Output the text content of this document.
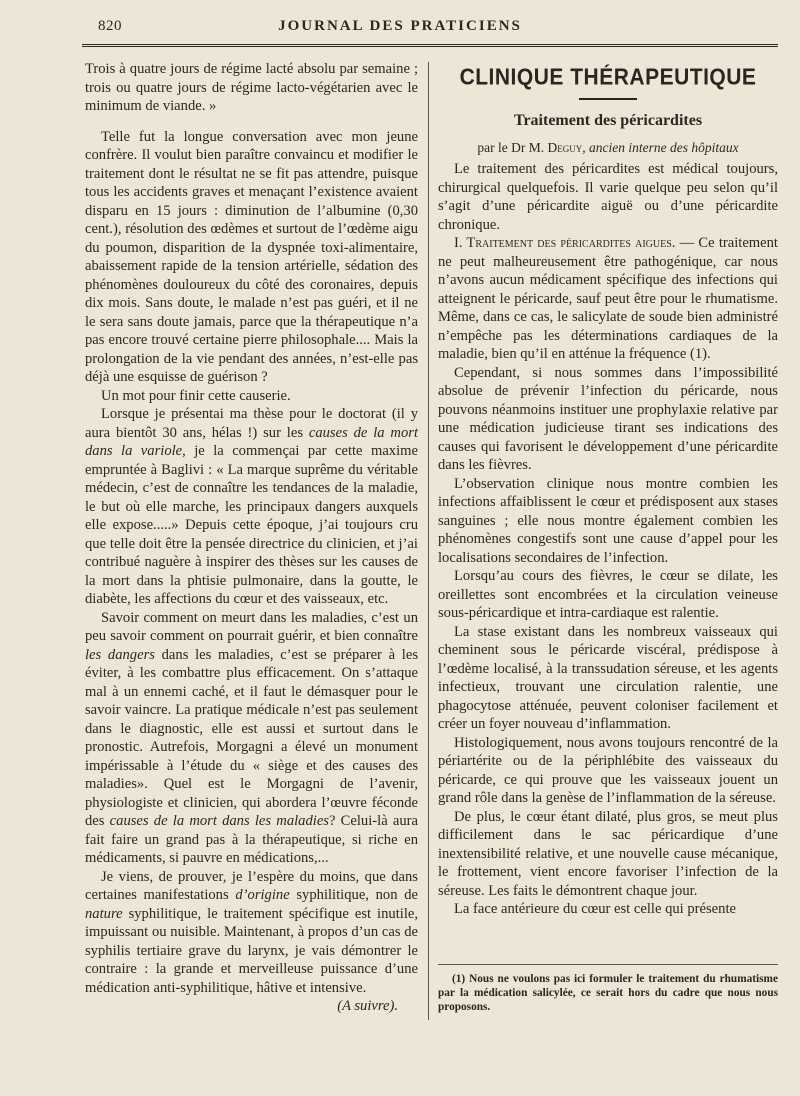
820	JOURNAL DES PRATICIENS

Trois à quatre jours de régime lacté absolu par semaine ; trois ou quatre jours de régime lacto-végétarien avec le minimum de viande. »

Telle fut la longue conversation avec mon jeune confrère. Il voulut bien paraître convaincu et modifier le traitement dont le résultat ne se fit pas attendre, puisque tous les accidents graves et menaçant l’existence avaient disparu en 15 jours : diminution de l’albumine (0,30 cent.), résolution des œdèmes et surtout de l’œdème aigu du poumon, disparition de la dyspnée toxi-alimentaire, abaissement rapide de la tension artérielle, sédation des phénomènes douloureux du côté des coronaires, depuis dix mois. Sans doute, le malade n’est pas guéri, et il ne le sera sans doute jamais, parce que la thérapeutique n’a pas encore trouvé certaine pierre philosophale.... Mais la prolongation de la vie pendant des années, n’est-elle pas déjà une esquisse de guérison ?

Un mot pour finir cette causerie.

Lorsque je présentai ma thèse pour le doctorat (il y aura bientôt 30 ans, hélas !) sur les causes de la mort dans la variole, je la commençai par cette maxime empruntée à Baglivi : « La marque suprême du véritable médecin, c’est de connaître les tendances de la maladie, le but où elle marche, les principaux dangers auxquels elle expose.....» Depuis cette époque, j’ai toujours cru que telle doit être la pensée directrice du clinicien, et j’ai contribué naguère à inspirer des thèses sur les causes de la mort dans la phtisie pulmonaire, dans la goutte, le diabète, les affections du cœur et des vaisseaux, etc.

Savoir comment on meurt dans les maladies, c’est un peu savoir comment on pourrait guérir, et bien connaître les dangers dans les maladies, c’est se préparer à les éviter, à les combattre plus efficacement. On s’attaque mal à un ennemi caché, et il faut le démasquer pour le savoir vaincre. La pratique médicale n’est pas seulement dans le diagnostic, elle est aussi et surtout dans le pronostic. Autrefois, Morgagni a élevé un monument impérissable à l’étude du « siège et des causes des maladies». Quel est le Morgagni de l’avenir, physiologiste et clinicien, qui abordera l’œuvre féconde des causes de la mort dans les maladies? Celui-là aura fait faire un grand pas à la thérapeutique, si riche en médicaments, si pauvre en médications,...

Je viens, de prouver, je l’espère du moins, que dans certaines manifestations d’origine syphilitique, non de nature syphilitique, le traitement spécifique est inutile, impuissant ou nuisible. Maintenant, à propos d’un cas de syphilis tertiaire grave du larynx, je vais démontrer le contraire : la grande et merveilleuse puissance d’une médication anti-syphilitique, hâtive et intensive.

(A suivre).

CLINIQUE THÉRAPEUTIQUE
Traitement des péricardites
par le Dr M. Deguy, ancien interne des hôpitaux

Le traitement des péricardites est médical toujours, chirurgical quelquefois. Il varie quelque peu selon qu’il s’agit d’une péricardite aiguë ou d’une péricardite chronique.

I. Traitement des péricardites aigues. — Ce traitement ne peut malheureusement être pathogénique, car nous n’avons aucun médicament spécifique des infections qui atteignent le péricarde, sauf peut être pour le rhumatisme. Même, dans ce cas, le salicylate de soude bien administré n’empêche pas les déterminations cardiaques de la maladie, bien qu’il en atténue la fréquence (1).

Cependant, si nous sommes dans l’impossibilité absolue de prévenir l’infection du péricarde, nous pouvons néanmoins instituer une prophylaxie relative par une médication judicieuse tirant ses indications des causes qui favorisent le développement d’une péricardite dans les fièvres.

L’observation clinique nous montre combien les infections affaiblissent le cœur et prédisposent aux stases sanguines ; elle nous montre également combien les phénomènes congestifs sont une cause d’appel pour les localisations secondaires de l’infection.

Lorsqu’au cours des fièvres, le cœur se dilate, les oreillettes sont encombrées et la circulation veineuse sous-péricardique et intra-cardiaque est ralentie.

La stase existant dans les nombreux vaisseaux qui cheminent sous le péricarde viscéral, prédispose à l’œdème localisé, à la transsudation séreuse, et les agents infectieux, trouvant une circulation ralentie, une phagocytose atténuée, peuvent coloniser facilement et créer un foyer nouveau d’inflammation.

Histologiquement, nous avons toujours rencontré de la périartérite ou de la périphlébite des vaisseaux du péricarde, ce qui prouve que les vaisseaux jouent un grand rôle dans la genèse de l’inflammation de la séreuse.

De plus, le cœur étant dilaté, plus gros, se meut plus difficilement dans le sac péricardique d’une inextensibilité relative, et une nouvelle cause mécanique, le frottement, vient encore favoriser l’infection de la séreuse. Les faits le démontrent chaque jour.

La face antérieure du cœur est celle qui présente

(1) Nous ne voulons pas ici formuler le traitement du rhumatisme par la médication salicylée, ce serait hors du cadre que nous nous proposons.
